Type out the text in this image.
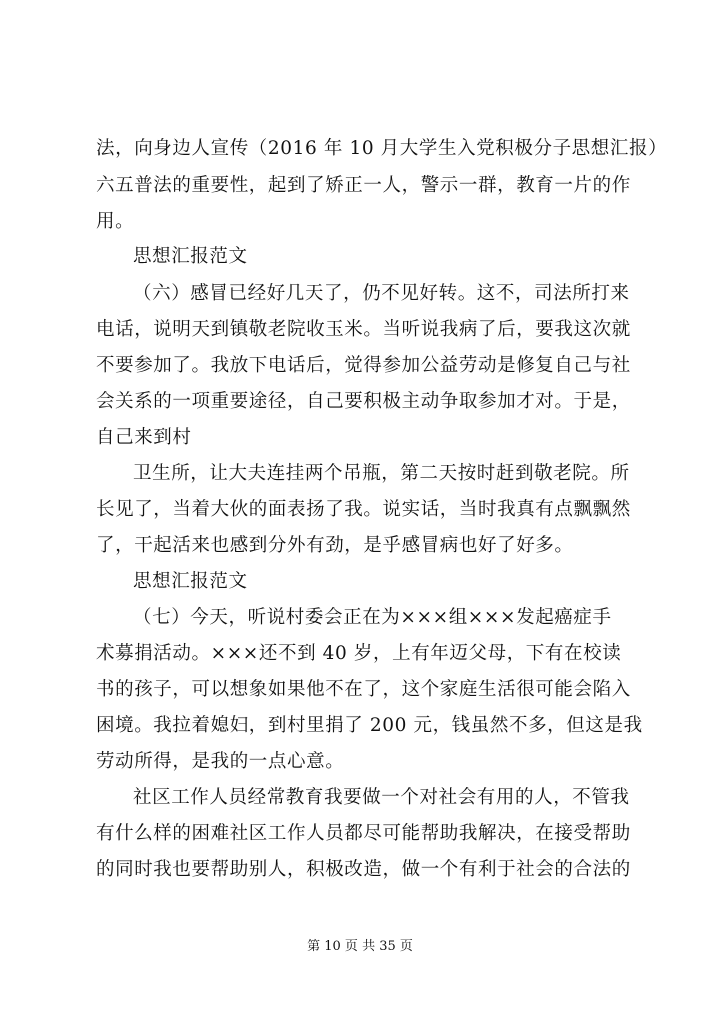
法，向身边人宣传（2016 年 10 月大学生入党积极分子思想汇报）
六五普法的重要性，起到了矫正一人，警示一群，教育一片的作
用。
思想汇报范文
（六）感冒已经好几天了，仍不见好转。这不，司法所打来
电话，说明天到镇敬老院收玉米。当听说我病了后，要我这次就
不要参加了。我放下电话后，觉得参加公益劳动是修复自己与社
会关系的一项重要途径，自己要积极主动争取参加才对。于是，
自己来到村
卫生所，让大夫连挂两个吊瓶，第二天按时赶到敬老院。所
长见了，当着大伙的面表扬了我。说实话，当时我真有点飘飘然
了，干起活来也感到分外有劲，是乎感冒病也好了好多。
思想汇报范文
（七）今天，听说村委会正在为×××组×××发起癌症手
术募捐活动。×××还不到 40 岁，上有年迈父母，下有在校读
书的孩子，可以想象如果他不在了，这个家庭生活很可能会陷入
困境。我拉着媳妇，到村里捐了 200 元，钱虽然不多，但这是我
劳动所得，是我的一点心意。
社区工作人员经常教育我要做一个对社会有用的人，不管我
有什么样的困难社区工作人员都尽可能帮助我解决，在接受帮助
的同时我也要帮助别人，积极改造，做一个有利于社会的合法的
第 10 页 共 35 页
